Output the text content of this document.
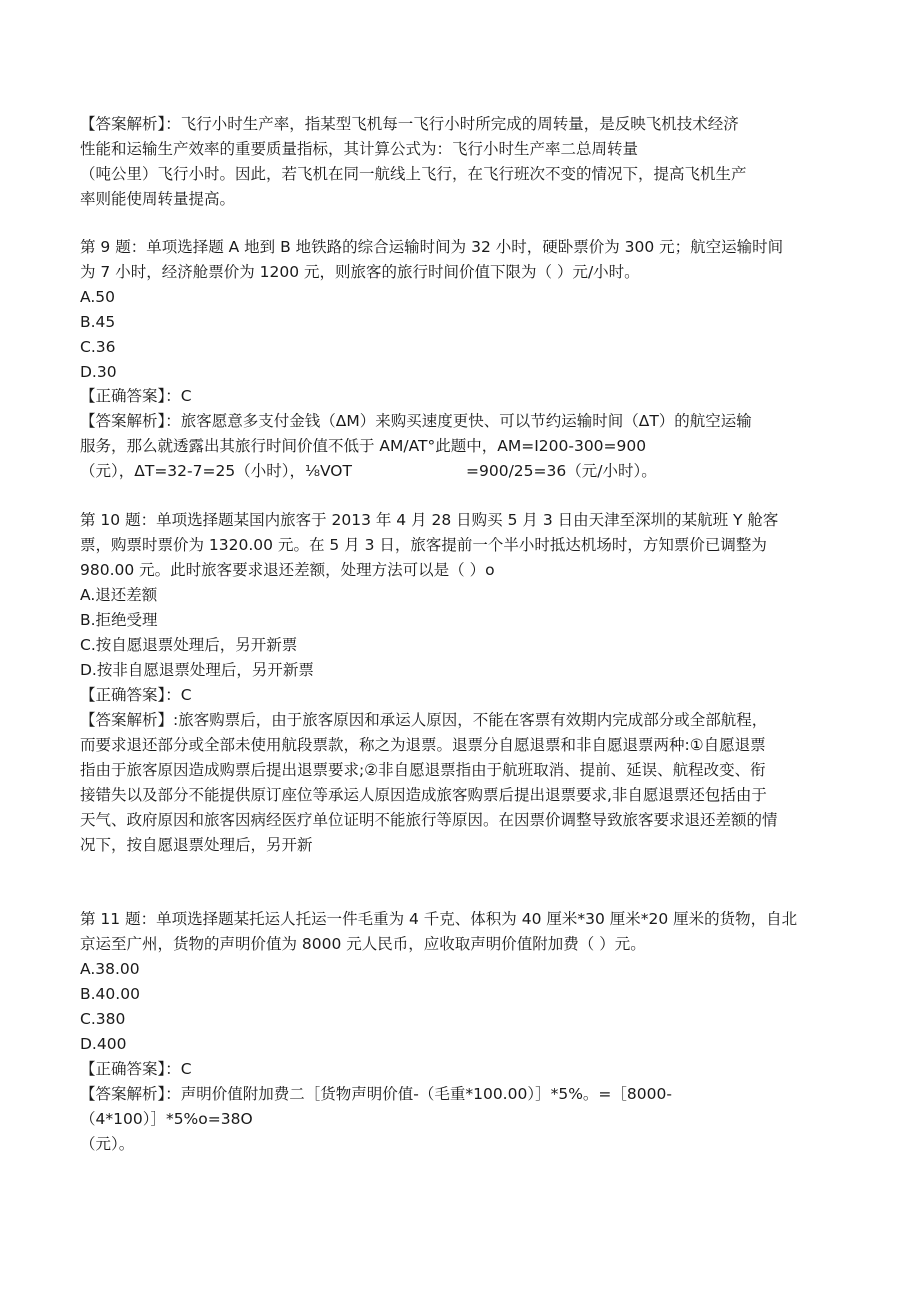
【答案解析】：飞行小时生产率，指某型飞机每一飞行小时所完成的周转量，是反映飞机技术经济
性能和运输生产效率的重要质量指标，其计算公式为：飞行小时生产率二总周转量
（吨公里）飞行小时。因此，若飞机在同一航线上飞行，在飞行班次不变的情况下，提高飞机生产
率则能使周转量提高。
第 9 题：单项选择题 A 地到 B 地铁路的综合运输时间为 32 小时，硬卧票价为 300 元；航空运输时间
为 7 小时，经济舱票价为 1200 元，则旅客的旅行时间价值下限为（ ）元/小时。
A.50
B.45
C.36
D.30
【正确答案】：C
【答案解析】：旅客愿意多支付金钱（ΔM）来购买速度更快、可以节约运输时间（ΔT）的航空运输
服务，那么就透露出其旅行时间价值不低于 AM/AT°此题中，AM=I200-300=900
（元），ΔT=32-7=25（小时），⅛VOT	=900/25=36（元/小时）。
第 10 题：单项选择题某国内旅客于 2013 年 4 月 28 日购买 5 月 3 日由天津至深圳的某航班 Y 舱客
票，购票时票价为 1320.00 元。在 5 月 3 日，旅客提前一个半小时抵达机场时，方知票价已调整为
980.00 元。此时旅客要求退还差额，处理方法可以是（ ）o
A.退还差额
B.拒绝受理
C.按自愿退票处理后，另开新票
D.按非自愿退票处理后，另开新票
【正确答案】：C
【答案解析】:旅客购票后，由于旅客原因和承运人原因，不能在客票有效期内完成部分或全部航程，
而要求退还部分或全部未使用航段票款，称之为退票。退票分自愿退票和非自愿退票两种:①自愿退票
指由于旅客原因造成购票后提出退票要求;②非自愿退票指由于航班取消、提前、延误、航程改变、衔
接错失以及部分不能提供原订座位等承运人原因造成旅客购票后提出退票要求,非自愿退票还包括由于
天气、政府原因和旅客因病经医疗单位证明不能旅行等原因。在因票价调整导致旅客要求退还差额的情
况下，按自愿退票处理后，另开新
第 11 题：单项选择题某托运人托运一件毛重为 4 千克、体积为 40 厘米*30 厘米*20 厘米的货物，自北
京运至广州，货物的声明价值为 8000 元人民币，应收取声明价值附加费（ ）元。
A.38.00
B.40.00
C.380
D.400
【正确答案】：C
【答案解析】：声明价值附加费二［货物声明价值-（毛重*100.00）］*5%。=［8000-
（4*100）］*5%o=38O
（元）。
